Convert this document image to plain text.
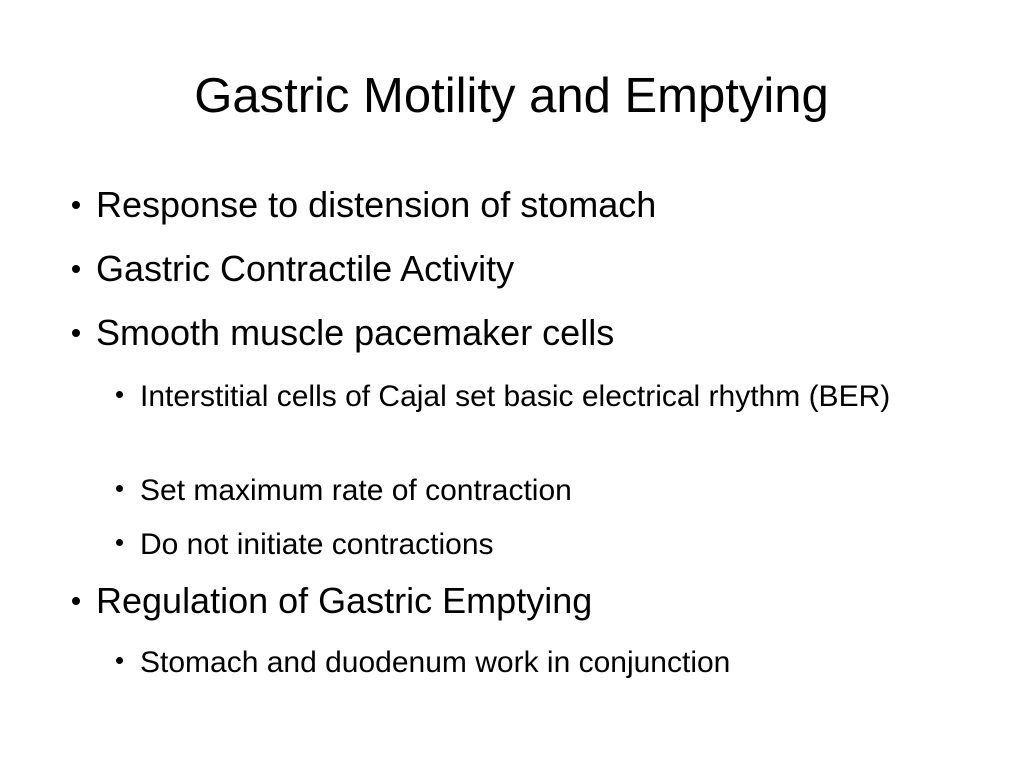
Gastric Motility and Emptying
Response to distension of stomach
Gastric Contractile Activity
Smooth muscle pacemaker cells
Interstitial cells of Cajal set basic electrical rhythm (BER)
Set maximum rate of contraction
Do not initiate contractions
Regulation of Gastric Emptying
Stomach and duodenum work in conjunction
